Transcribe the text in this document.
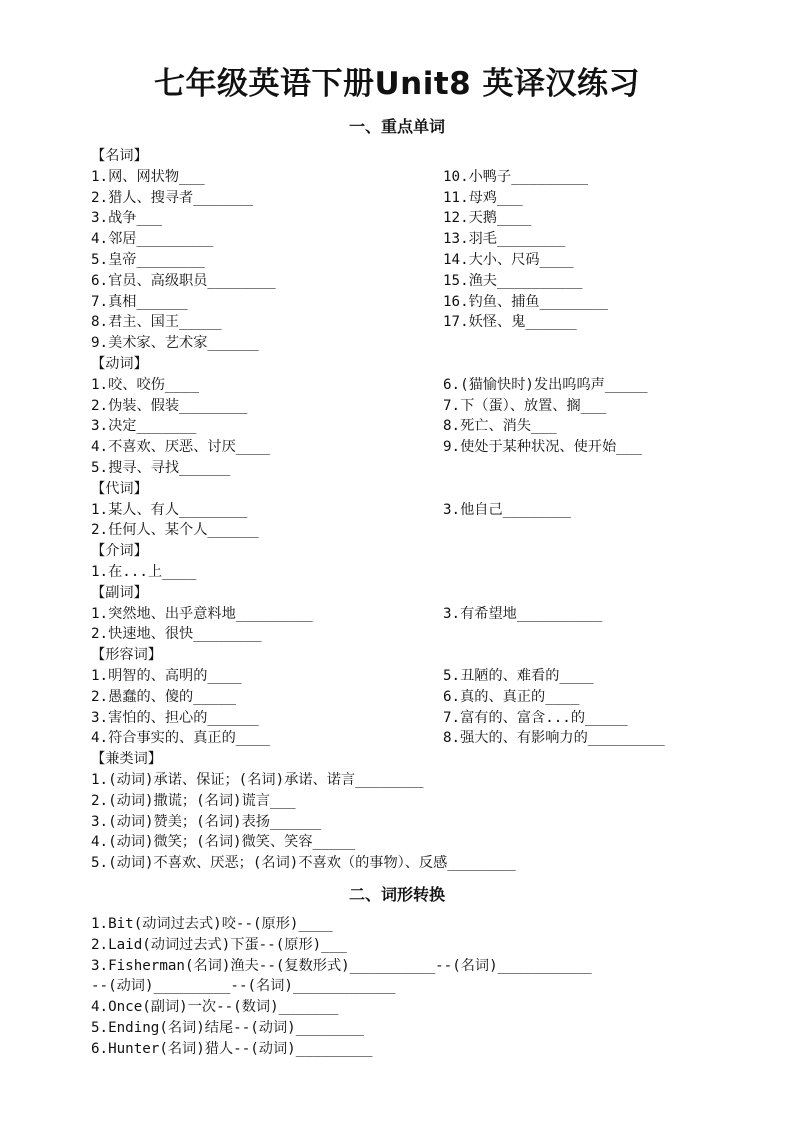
七年级英语下册Unit8 英译汉练习
一、重点单词
【名词】
1.网、网状物___	10.小鸭子_________
2.猎人、搜寻者_______	11.母鸡___
3.战争___	12.天鹅____
4.邻居_________	13.羽毛________
5.皇帝________	14.大小、尺码____
6.官员、高级职员________	15.渔夫__________
7.真相______	16.钓鱼、捕鱼________
8.君主、国王_____	17.妖怪、鬼______
9.美术家、艺术家______
【动词】
1.咬、咬伤____	6.(猫愉快时)发出呜呜声_____
2.伪装、假装________	7.下（蛋）、放置、搁___
3.决定_______	8.死亡、消失___
4.不喜欢、厌恶、讨厌____	9.使处于某种状况、使开始___
5.搜寻、寻找______
【代词】
1.某人、有人________	3.他自己________
2.任何人、某个人______
【介词】
1.在...上____
【副词】
1.突然地、出乎意料地_________	3.有希望地__________
2.快速地、很快________
【形容词】
1.明智的、高明的____	5.丑陋的、难看的____
2.愚蠢的、傻的_____	6.真的、真正的____
3.害怕的、担心的______	7.富有的、富含...的_____
4.符合事实的、真正的____	8.强大的、有影响力的_________
【兼类词】
1.(动词)承诺、保证；(名词)承诺、诺言________
2.(动词)撒谎；(名词)谎言___
3.(动词)赞美；(名词)表扬______
4.(动词)微笑；(名词)微笑、笑容_____
5.(动词)不喜欢、厌恶；(名词)不喜欢（的事物）、反感________
二、词形转换
1.Bit(动词过去式)咬--(原形)____
2.Laid(动词过去式)下蛋--(原形)___
3.Fisherman(名词)渔夫--(复数形式)__________--(名词)___________
--(动词)_________--(名词)____________
4.Once(副词)一次--(数词)_______
5.Ending(名词)结尾--(动词)________
6.Hunter(名词)猎人--(动词)_________
